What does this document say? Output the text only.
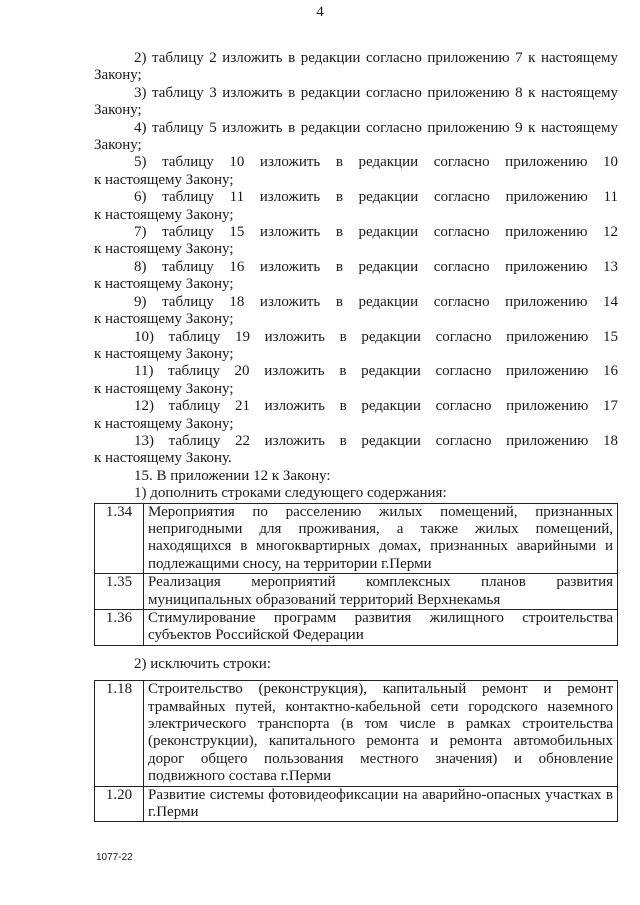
4
2) таблицу 2 изложить в редакции согласно приложению 7 к настоящему
Закону;
3) таблицу 3 изложить в редакции согласно приложению 8 к настоящему
Закону;
4) таблицу 5 изложить в редакции согласно приложению 9 к настоящему
Закону;
5) таблицу 10 изложить в редакции согласно приложению 10
к настоящему Закону;
6) таблицу 11 изложить в редакции согласно приложению 11
к настоящему Закону;
7) таблицу 15 изложить в редакции согласно приложению 12
к настоящему Закону;
8) таблицу 16 изложить в редакции согласно приложению 13
к настоящему Закону;
9) таблицу 18 изложить в редакции согласно приложению 14
к настоящему Закону;
10) таблицу 19 изложить в редакции согласно приложению 15
к настоящему Закону;
11) таблицу 20 изложить в редакции согласно приложению 16
к настоящему Закону;
12) таблицу 21 изложить в редакции согласно приложению 17
к настоящему Закону;
13) таблицу 22 изложить в редакции согласно приложению 18
к настоящему Закону.
15. В приложении 12 к Закону:
1) дополнить строками следующего содержания:
1.34	Мероприятия по расселению жилых помещений, признанных непригодными для проживания, а также жилых помещений, находящихся в многоквартирных домах, признанных аварийными и подлежащими сносу, на территории г.Перми
1.35	Реализация мероприятий комплексных планов развития муниципальных образований территорий Верхнекамья
1.36	Стимулирование программ развития жилищного строительства субъектов Российской Федерации
2) исключить строки:
1.18	Строительство (реконструкция), капитальный ремонт и ремонт трамвайных путей, контактно-кабельной сети городского наземного электрического транспорта (в том числе в рамках строительства (реконструкции), капитального ремонта и ремонта автомобильных дорог общего пользования местного значения) и обновление подвижного состава г.Перми
1.20	Развитие системы фотовидеофиксации на аварийно-опасных участках в г.Перми
1077-22
